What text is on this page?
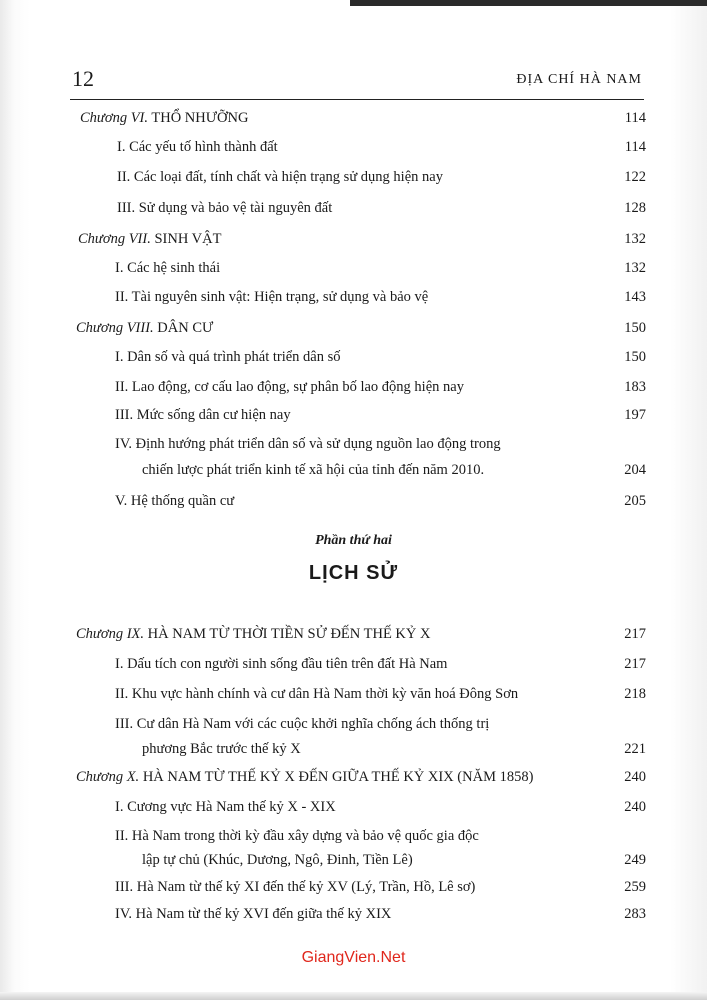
12	ĐỊA CHÍ HÀ NAM
Chương VI. THỔ NHƯỠNG	114
I. Các yếu tố hình thành đất	114
II. Các loại đất, tính chất và hiện trạng sử dụng hiện nay	122
III. Sử dụng và bảo vệ tài nguyên đất	128
Chương VII. SINH VẬT	132
I. Các hệ sinh thái	132
II. Tài nguyên sinh vật: Hiện trạng, sử dụng và bảo vệ	143
Chương VIII. DÂN CƯ	150
I. Dân số và quá trình phát triển dân số	150
II. Lao động, cơ cấu lao động, sự phân bố lao động hiện nay	183
III. Mức sống dân cư hiện nay	197
IV. Định hướng phát triển dân số và sử dụng nguồn lao động trong
chiến lược phát triển kinh tế xã hội của tỉnh đến năm 2010.	204
V. Hệ thống quần cư	205
Phần thứ hai
LỊCH SỬ
Chương IX. HÀ NAM TỪ THỜI TIỀN SỬ ĐẾN THẾ KỶ X	217
I. Dấu tích con người sinh sống đầu tiên trên đất Hà Nam	217
II. Khu vực hành chính và cư dân Hà Nam thời kỳ văn hoá Đông Sơn	218
III. Cư dân Hà Nam với các cuộc khởi nghĩa chống ách thống trị
phương Bắc trước thế kỷ X	221
Chương X. HÀ NAM TỪ THẾ KỶ X ĐẾN GIỮA THẾ KỶ XIX (NĂM 1858)	240
I. Cương vực Hà Nam thế kỷ X - XIX	240
II. Hà Nam trong thời kỳ đầu xây dựng và bảo vệ quốc gia độc
lập tự chủ (Khúc, Dương, Ngô, Đinh, Tiền Lê)	249
III. Hà Nam từ thế kỷ XI đến thế kỷ XV (Lý, Trần, Hồ, Lê sơ)	259
IV. Hà Nam từ thế kỷ XVI đến giữa thế kỷ XIX	283
GiangVien.Net
